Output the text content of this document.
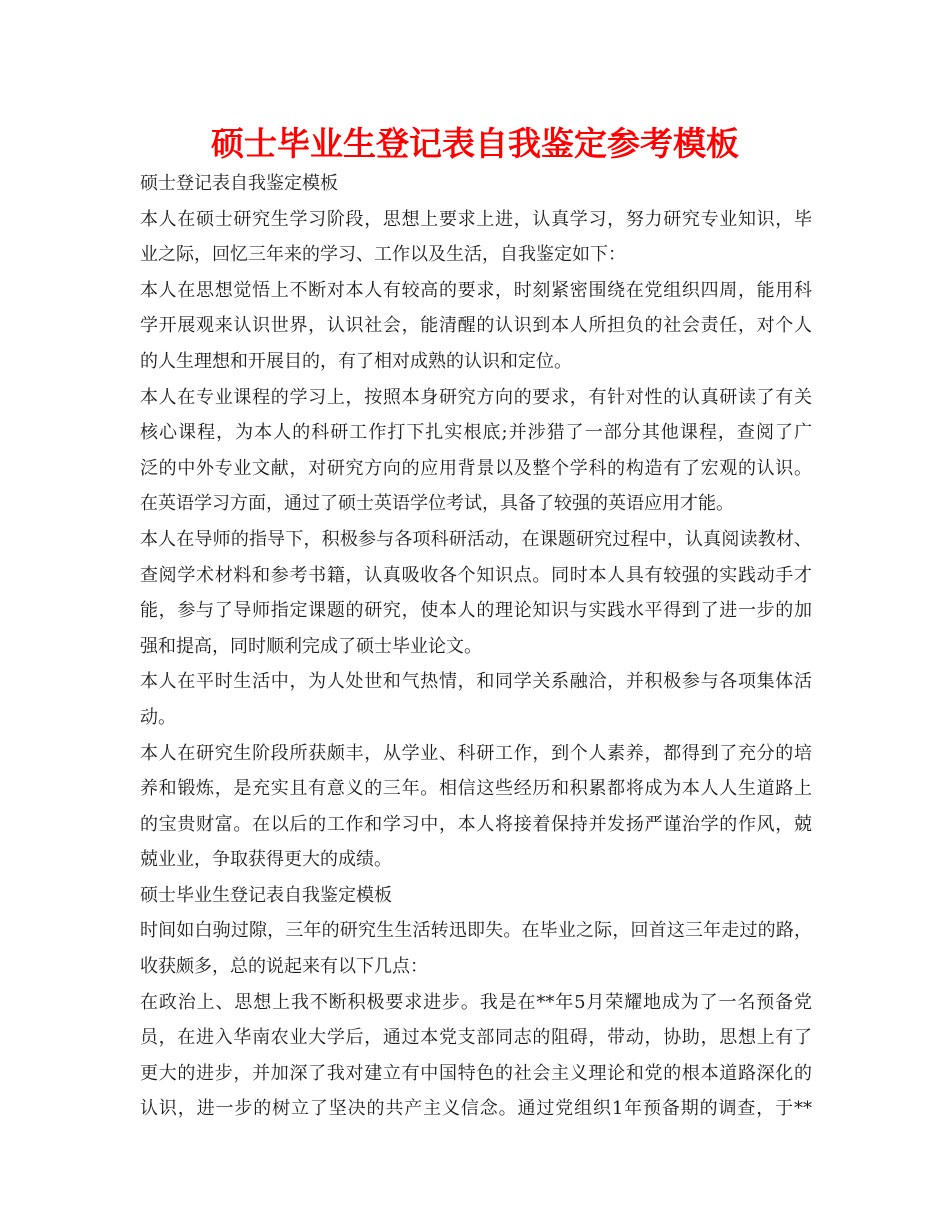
硕士毕业生登记表自我鉴定参考模板
硕士登记表自我鉴定模板
本人在硕士研究生学习阶段，思想上要求上进，认真学习，努力研究专业知识，毕
业之际，回忆三年来的学习、工作以及生活，自我鉴定如下：
本人在思想觉悟上不断对本人有较高的要求，时刻紧密围绕在党组织四周，能用科
学开展观来认识世界，认识社会，能清醒的认识到本人所担负的社会责任，对个人
的人生理想和开展目的，有了相对成熟的认识和定位。
本人在专业课程的学习上，按照本身研究方向的要求，有针对性的认真研读了有关
核心课程，为本人的科研工作打下扎实根底;并涉猎了一部分其他课程，查阅了广
泛的中外专业文献，对研究方向的应用背景以及整个学科的构造有了宏观的认识。
在英语学习方面，通过了硕士英语学位考试，具备了较强的英语应用才能。
本人在导师的指导下，积极参与各项科研活动，在课题研究过程中，认真阅读教材、
查阅学术材料和参考书籍，认真吸收各个知识点。同时本人具有较强的实践动手才
能，参与了导师指定课题的研究，使本人的理论知识与实践水平得到了进一步的加
强和提高，同时顺利完成了硕士毕业论文。
本人在平时生活中，为人处世和气热情，和同学关系融洽，并积极参与各项集体活
动。
本人在研究生阶段所获颇丰，从学业、科研工作，到个人素养，都得到了充分的培
养和锻炼，是充实且有意义的三年。相信这些经历和积累都将成为本人人生道路上
的宝贵财富。在以后的工作和学习中，本人将接着保持并发扬严谨治学的作风，兢
兢业业，争取获得更大的成绩。
硕士毕业生登记表自我鉴定模板
时间如白驹过隙，三年的研究生生活转迅即失。在毕业之际，回首这三年走过的路，
收获颇多，总的说起来有以下几点：
在政治上、思想上我不断积极要求进步。我是在**年5月荣耀地成为了一名预备党
员，在进入华南农业大学后，通过本党支部同志的阻碍，带动，协助，思想上有了
更大的进步，并加深了我对建立有中国特色的社会主义理论和党的根本道路深化的
认识，进一步的树立了坚决的共产主义信念。通过党组织1年预备期的调查，于**
